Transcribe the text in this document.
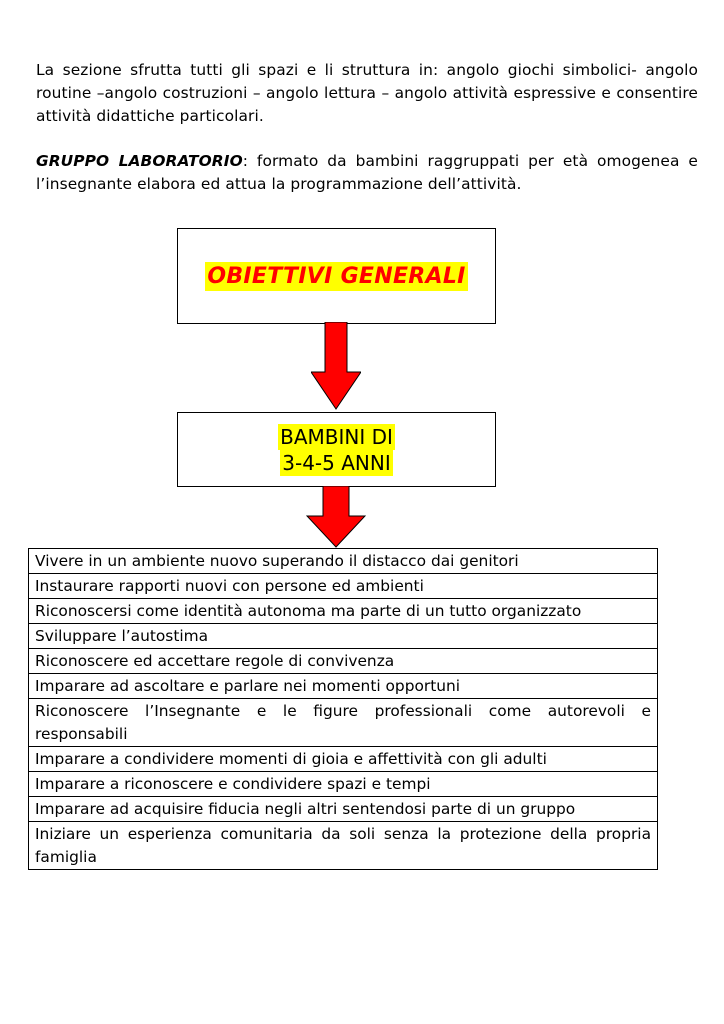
La sezione sfrutta tutti gli spazi e li struttura in: angolo giochi simbolici- angolo routine –angolo costruzioni – angolo lettura – angolo attività espressive e consentire attività didattiche particolari.

GRUPPO LABORATORIO: formato da bambini raggruppati per età omogenea e l’insegnante elabora ed attua la programmazione dell’attività.

OBIETTIVI GENERALI
BAMBINI DI
3-4-5 ANNI
Vivere in un ambiente nuovo superando il distacco dai genitori
Instaurare rapporti nuovi con persone ed ambienti
Riconoscersi come identità autonoma ma parte di un tutto organizzato
Sviluppare l’autostima
Riconoscere ed accettare regole di convivenza
Imparare ad ascoltare e parlare nei momenti opportuni
Riconoscere l’Insegnante e le figure professionali come autorevoli e responsabili
Imparare a condividere momenti di gioia e affettività con gli adulti
Imparare a riconoscere e condividere spazi e tempi
Imparare ad acquisire fiducia negli altri sentendosi parte di un gruppo
Iniziare un esperienza comunitaria da soli senza la protezione della propria famiglia
